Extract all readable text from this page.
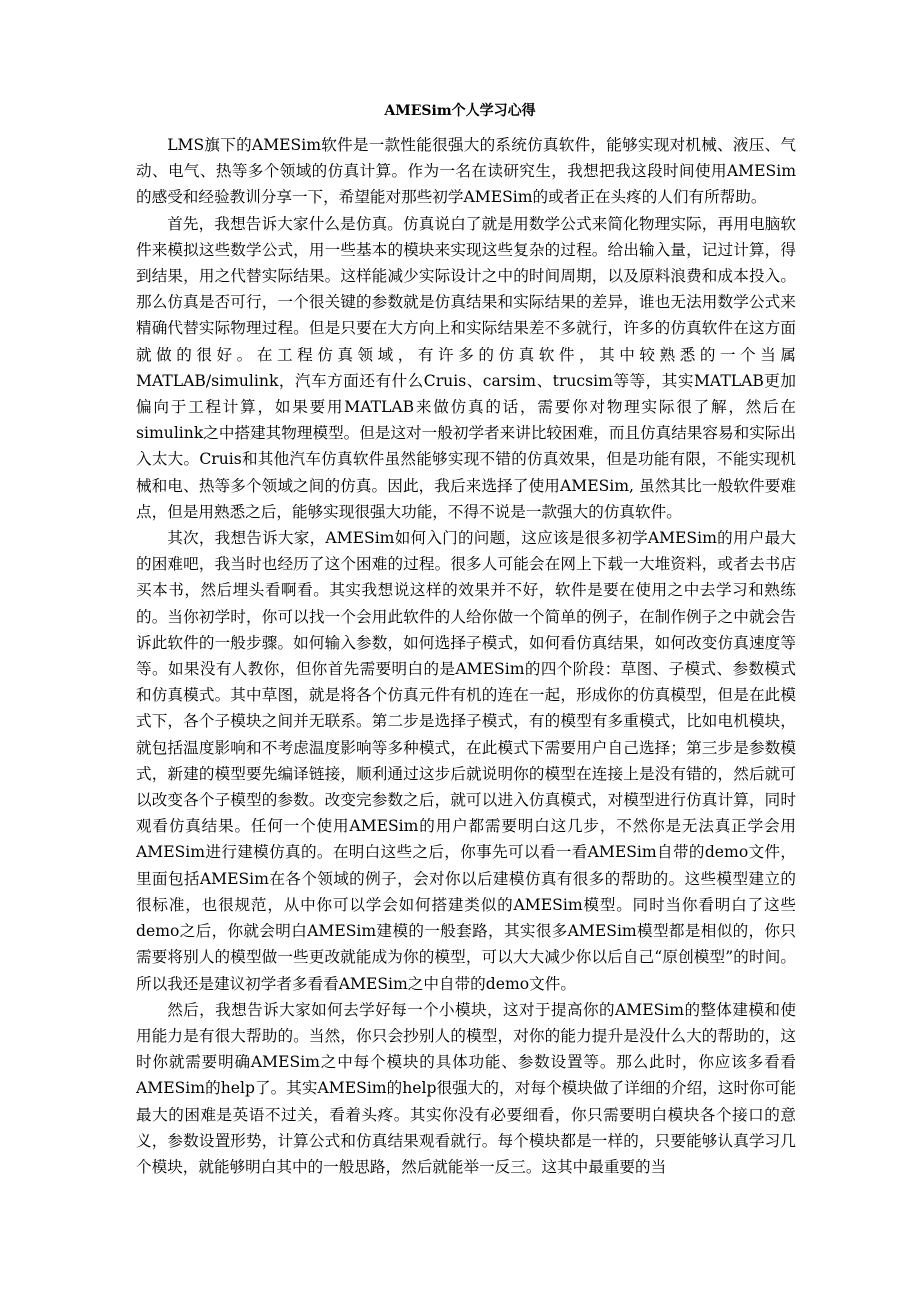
AMESim个人学习心得

LMS旗下的AMESim软件是一款性能很强大的系统仿真软件，能够实现对机械、液压、气动、电气、热等多个领域的仿真计算。作为一名在读研究生，我想把我这段时间使用AMESim的感受和经验教训分享一下，希望能对那些初学AMESim的或者正在头疼的人们有所帮助。

首先，我想告诉大家什么是仿真。仿真说白了就是用数学公式来简化物理实际，再用电脑软件来模拟这些数学公式，用一些基本的模块来实现这些复杂的过程。给出输入量，记过计算，得到结果，用之代替实际结果。这样能减少实际设计之中的时间周期，以及原料浪费和成本投入。那么仿真是否可行，一个很关键的参数就是仿真结果和实际结果的差异，谁也无法用数学公式来精确代替实际物理过程。但是只要在大方向上和实际结果差不多就行，许多的仿真软件在这方面就做的很好。在工程仿真领域，有许多的仿真软件，其中较熟悉的一个当属MATLAB/simulink，汽车方面还有什么Cruis、carsim、trucsim等等，其实MATLAB更加偏向于工程计算，如果要用MATLAB来做仿真的话，需要你对物理实际很了解，然后在simulink之中搭建其物理模型。但是这对一般初学者来讲比较困难，而且仿真结果容易和实际出入太大。Cruis和其他汽车仿真软件虽然能够实现不错的仿真效果，但是功能有限，不能实现机械和电、热等多个领域之间的仿真。因此，我后来选择了使用AMESim, 虽然其比一般软件要难点，但是用熟悉之后，能够实现很强大功能，不得不说是一款强大的仿真软件。

其次，我想告诉大家，AMESim如何入门的问题，这应该是很多初学AMESim的用户最大的困难吧，我当时也经历了这个困难的过程。很多人可能会在网上下载一大堆资料，或者去书店买本书，然后埋头看啊看。其实我想说这样的效果并不好，软件是要在使用之中去学习和熟练的。当你初学时，你可以找一个会用此软件的人给你做一个简单的例子，在制作例子之中就会告诉此软件的一般步骤。如何输入参数，如何选择子模式，如何看仿真结果，如何改变仿真速度等等。如果没有人教你，但你首先需要明白的是AMESim的四个阶段：草图、子模式、参数模式和仿真模式。其中草图，就是将各个仿真元件有机的连在一起，形成你的仿真模型，但是在此模式下，各个子模块之间并无联系。第二步是选择子模式，有的模型有多重模式，比如电机模块，就包括温度影响和不考虑温度影响等多种模式，在此模式下需要用户自己选择；第三步是参数模式，新建的模型要先编译链接，顺利通过这步后就说明你的模型在连接上是没有错的，然后就可以改变各个子模型的参数。改变完参数之后，就可以进入仿真模式，对模型进行仿真计算，同时观看仿真结果。任何一个使用AMESim的用户都需要明白这几步，不然你是无法真正学会用AMESim进行建模仿真的。在明白这些之后，你事先可以看一看AMESim自带的demo文件，里面包括AMESim在各个领域的例子，会对你以后建模仿真有很多的帮助的。这些模型建立的很标准，也很规范，从中你可以学会如何搭建类似的AMESim模型。同时当你看明白了这些demo之后，你就会明白AMESim建模的一般套路，其实很多AMESim模型都是相似的，你只需要将别人的模型做一些更改就能成为你的模型，可以大大减少你以后自己“原创模型”的时间。所以我还是建议初学者多看看AMESim之中自带的demo文件。

然后，我想告诉大家如何去学好每一个小模块，这对于提高你的AMESim的整体建模和使用能力是有很大帮助的。当然，你只会抄别人的模型，对你的能力提升是没什么大的帮助的，这时你就需要明确AMESim之中每个模块的具体功能、参数设置等。那么此时，你应该多看看AMESim的help了。其实AMESim的help很强大的，对每个模块做了详细的介绍，这时你可能最大的困难是英语不过关，看着头疼。其实你没有必要细看，你只需要明白模块各个接口的意义，参数设置形势，计算公式和仿真结果观看就行。每个模块都是一样的，只要能够认真学习几个模块，就能够明白其中的一般思路，然后就能举一反三。这其中最重要的当
